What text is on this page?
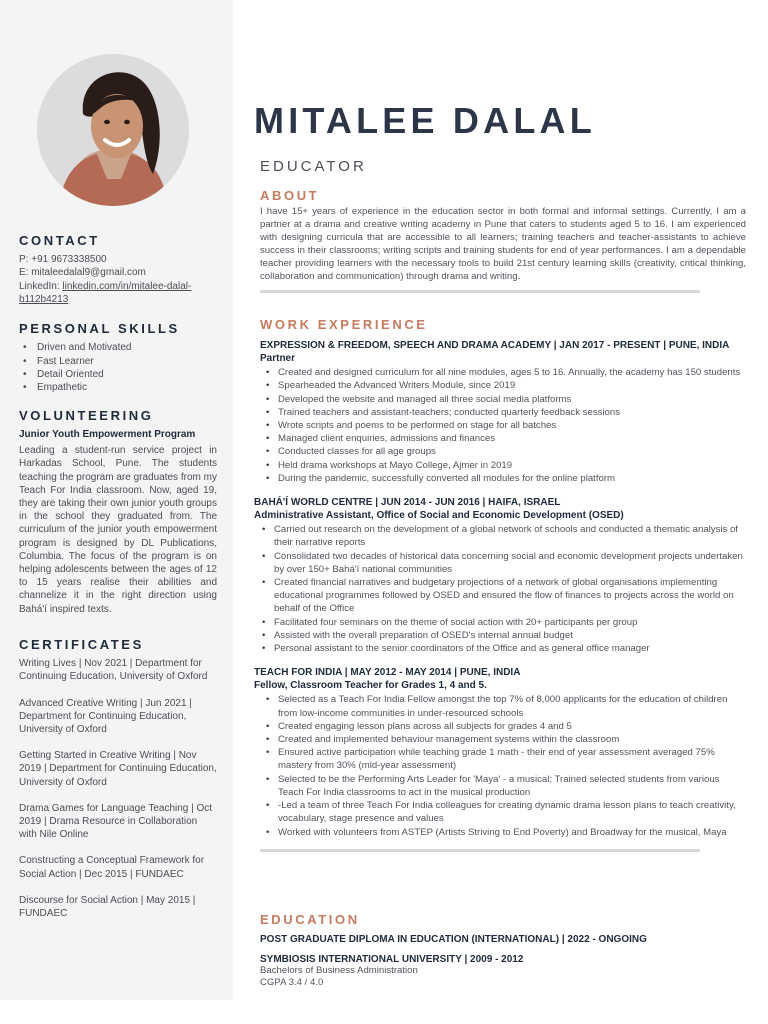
CONTACT

P: +91 9673338500

E: mitaleedalal9@gmail.com

LinkedIn: linkedin.com/in/mitalee-dalal-b112b4213

PERSONAL SKILLS
• Driven and Motivated
• Fast Learner
• Detail Oriented
• Empathetic
VOLUNTEERING

Junior Youth Empowerment Program

Leading a student-run service project in Harkadas School, Pune. The students teaching the program are graduates from my Teach For India classroom. Now, aged 19, they are taking their own junior youth groups in the school they graduated from. The curriculum of the junior youth empowerment program is designed by DL Publications, Columbia. The focus of the program is on helping adolescents between the ages of 12 to 15 years realise their abilities and channelize it in the right direction using Bahá'í inspired texts.

CERTIFICATES

Writing Lives | Nov 2021 | Department for Continuing Education, University of Oxford

Advanced Creative Writing | Jun 2021 | Department for Continuing Education, University of Oxford

Getting Started in Creative Writing | Nov 2019 | Department for Continuing Education, University of Oxford

Drama Games for Language Teaching | Oct 2019 | Drama Resource in Collaboration with Nile Online

Constructing a Conceptual Framework for Social Action | Dec 2015 | FUNDAEC

Discourse for Social Action | May 2015 | FUNDAEC

MITALEE DALAL
EDUCATOR
ABOUT
I have 15+ years of experience in the education sector in both formal and informal settings. Currently, I am a partner at a drama and creative writing academy in Pune that caters to students aged 5 to 16. I am experienced with designing curricula that are accessible to all learners; training teachers and teacher-assistants to achieve success in their classrooms; writing scripts and training students for end of year performances. I am a dependable teacher providing learners with the necessary tools to build 21st century learning skills (creativity, critical thinking, collaboration and communication) through drama and writing.
WORK EXPERIENCE

EXPRESSION & FREEDOM, SPEECH AND DRAMA ACADEMY | JAN 2017 - PRESENT | PUNE, INDIA

Partner

• Created and designed curriculum for all nine modules, ages 5 to 16. Annually, the academy has 150 students
• Spearheaded the Advanced Writers Module, since 2019
• Developed the website and managed all three social media platforms
• Trained teachers and assistant-teachers; conducted quarterly feedback sessions
• Wrote scripts and poems to be performed on stage for all batches
• Managed client enquiries, admissions and finances
• Conducted classes for all age groups
• Held drama workshops at Mayo College, Ajmer in 2019
• During the pandemic, successfully converted all modules for the online platform

BAHÁ'Í WORLD CENTRE | JUN 2014 - JUN 2016 | HAIFA, ISRAEL

Administrative Assistant, Office of Social and Economic Development (OSED)

• Carried out research on the development of a global network of schools and conducted a thematic analysis of their narrative reports
• Consolidated two decades of historical data concerning social and economic development projects undertaken by over 150+ Bahá'í national communities
• Created financial narratives and budgetary projections of a network of global organisations implementing educational programmes followed by OSED and ensured the flow of finances to projects across the world on behalf of the Office
• Facilitated four seminars on the theme of social action with 20+ participants per group
• Assisted with the overall preparation of OSED's internal annual budget
• Personal assistant to the senior coordinators of the Office and as general office manager

TEACH FOR INDIA | MAY 2012 - MAY 2014 | PUNE, INDIA

Fellow, Classroom Teacher for Grades 1, 4 and 5.

• Selected as a Teach For India Fellow amongst the top 7% of 8,000 applicants for the education of children from low-income communities in under-resourced schools
• Created engaging lesson plans across all subjects for grades 4 and 5
• Created and implemented behaviour management systems within the classroom
• Ensured active participation while teaching grade 1 math - their end of year assessment averaged 75% mastery from 30% (mid-year assessment)
• Selected to be the Performing Arts Leader for 'Maya' - a musical; Trained selected students from various Teach For India classrooms to act in the musical production
• -Led a team of three Teach For India colleagues for creating dynamic drama lesson plans to teach creativity, vocabulary, stage presence and values
• Worked with volunteers from ASTEP (Artists Striving to End Poverty) and Broadway for the musical, Maya
EDUCATION

POST GRADUATE DIPLOMA IN EDUCATION (INTERNATIONAL) | 2022 - ONGOING

SYMBIOSIS INTERNATIONAL UNIVERSITY | 2009 - 2012

Bachelors of Business Administration

CGPA 3.4 / 4.0
